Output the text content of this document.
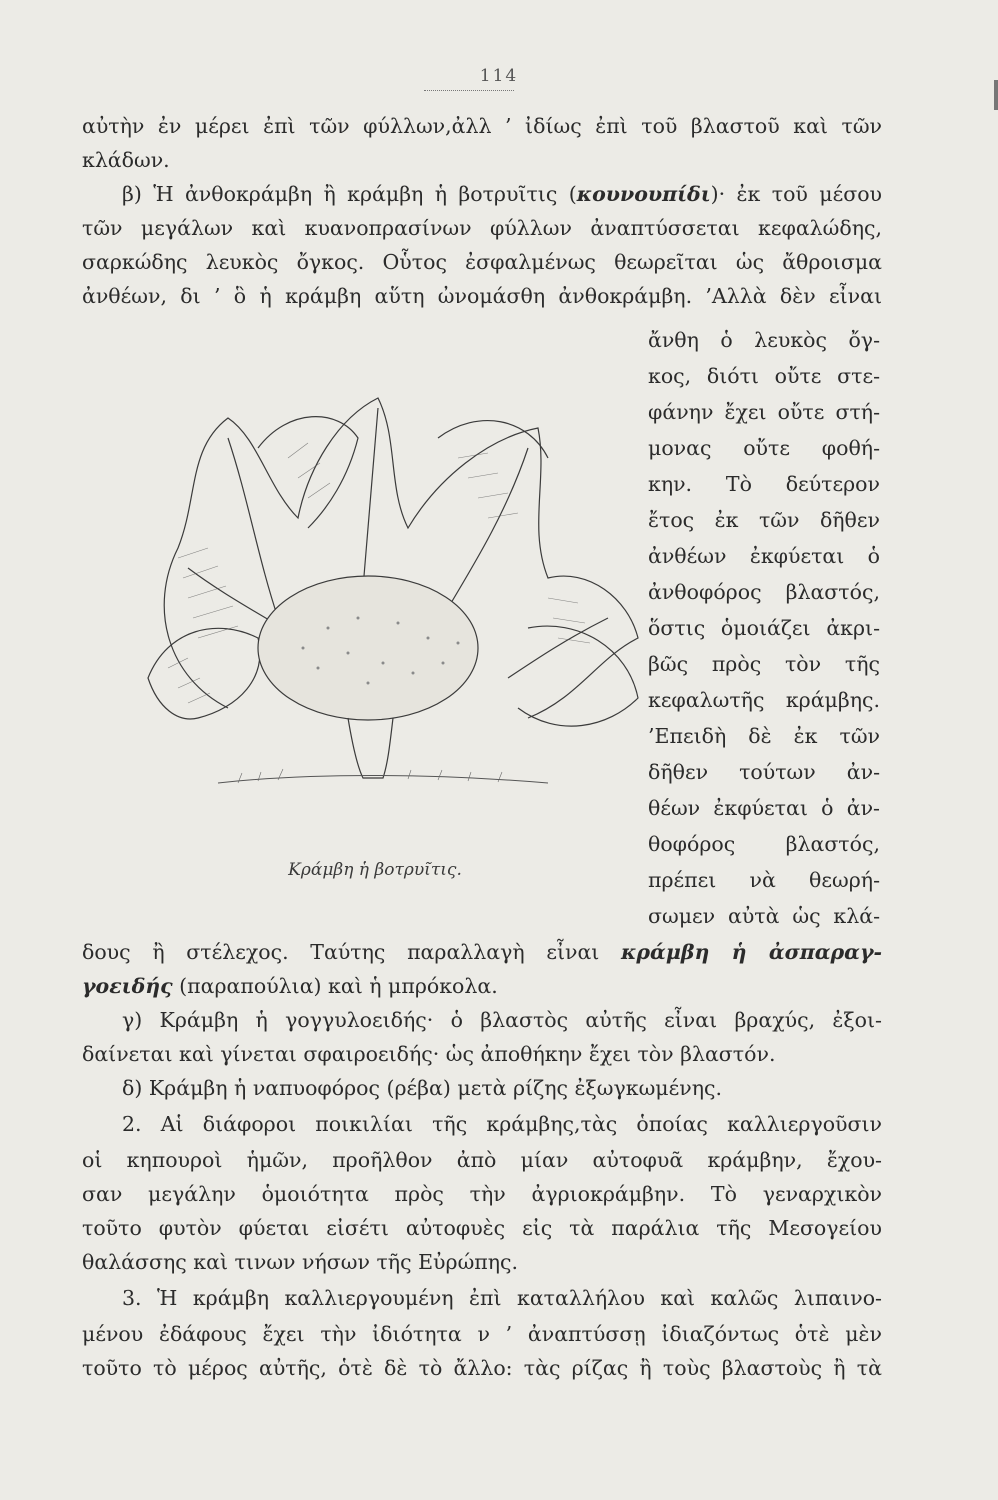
114
αὐτὴν ἐν μέρει ἐπὶ τῶν φύλλων,ἀλλ ’ ἰδίως ἐπὶ τοῦ βλαστοῦ καὶ τῶν
κλάδων.
β) Ἡ ἀνθοκράμβη ἢ κράμβη ἡ βοτρυῖτις (κουνουπίδι)· ἐκ τοῦ μέσου
τῶν μεγάλων καὶ κυανοπρασίνων φύλλων ἀναπτύσσεται κεφαλώδης,
σαρκώδης λευκὸς ὄγκος. Οὗτος ἐσφαλμένως θεωρεῖται ὡς ἄθροισμα
ἀνθέων, δι ’ ὃ ἡ κράμβη αὕτη ὠνομάσθη ἀνθοκράμβη. ’Αλλὰ δὲν εἶναι
ἄνθη ὁ λευκὸς ὄγ-
κος, διότι οὔτε στε-
φάνην ἔχει οὔτε στή-
μονας οὔτε φοθή-
κην. Τὸ δεύτερον
ἔτος ἐκ τῶν δῆθεν
ἀνθέων ἐκφύεται ὁ
ἀνθοφόρος βλαστός,
ὅστις ὁμοιάζει ἀκρι-
βῶς πρὸς τὸν τῆς
κεφαλωτῆς κράμβης.
’Επειδὴ δὲ ἐκ τῶν
δῆθεν τούτων ἀν-
θέων ἐκφύεται ὁ ἀν-
θοφόρος βλαστός,
πρέπει νὰ θεωρή-
σωμεν αὐτὰ ὡς κλά-
Κράμβη ἡ βοτρυῖτις.
δους ἢ στέλεχος. Ταύτης παραλλαγὴ εἶναι κράμβη ἡ ἀσπαραγ-
γοειδής (παραπούλια) καὶ ἡ μπρόκολα.
γ) Κράμβη ἡ γογγυλοειδής· ὁ βλαστὸς αὐτῆς εἶναι βραχύς, ἐξοι-
δαίνεται καὶ γίνεται σφαιροειδής· ὡς ἀποθήκην ἔχει τὸν βλαστόν.
δ) Κράμβη ἡ ναπυοφόρος (ρέβα) μετὰ ρίζης ἐξωγκωμένης.
2. Αἱ διάφοροι ποικιλίαι τῆς κράμβης,τὰς ὁποίας καλλιεργοῦσιν
οἱ κηπουροὶ ἡμῶν, προῆλθον ἀπὸ μίαν αὐτοφυᾶ κράμβην, ἔχου-
σαν μεγάλην ὁμοιότητα πρὸς τὴν ἀγριοκράμβην. Τὸ γεναρχικὸν
τοῦτο φυτὸν φύεται εἰσέτι αὐτοφυὲς εἰς τὰ παράλια τῆς Μεσογείου
θαλάσσης καὶ τινων νήσων τῆς Εὐρώπης.
3. Ἡ κράμβη καλλιεργουμένη ἐπὶ καταλλήλου καὶ καλῶς λιπαινο-
μένου ἐδάφους ἔχει τὴν ἰδιότητα ν ’ ἀναπτύσσῃ ἰδιαζόντως ὁτὲ μὲν
τοῦτο τὸ μέρος αὐτῆς, ὁτὲ δὲ τὸ ἄλλο: τὰς ρίζας ἢ τοὺς βλαστοὺς ἢ τὰ
